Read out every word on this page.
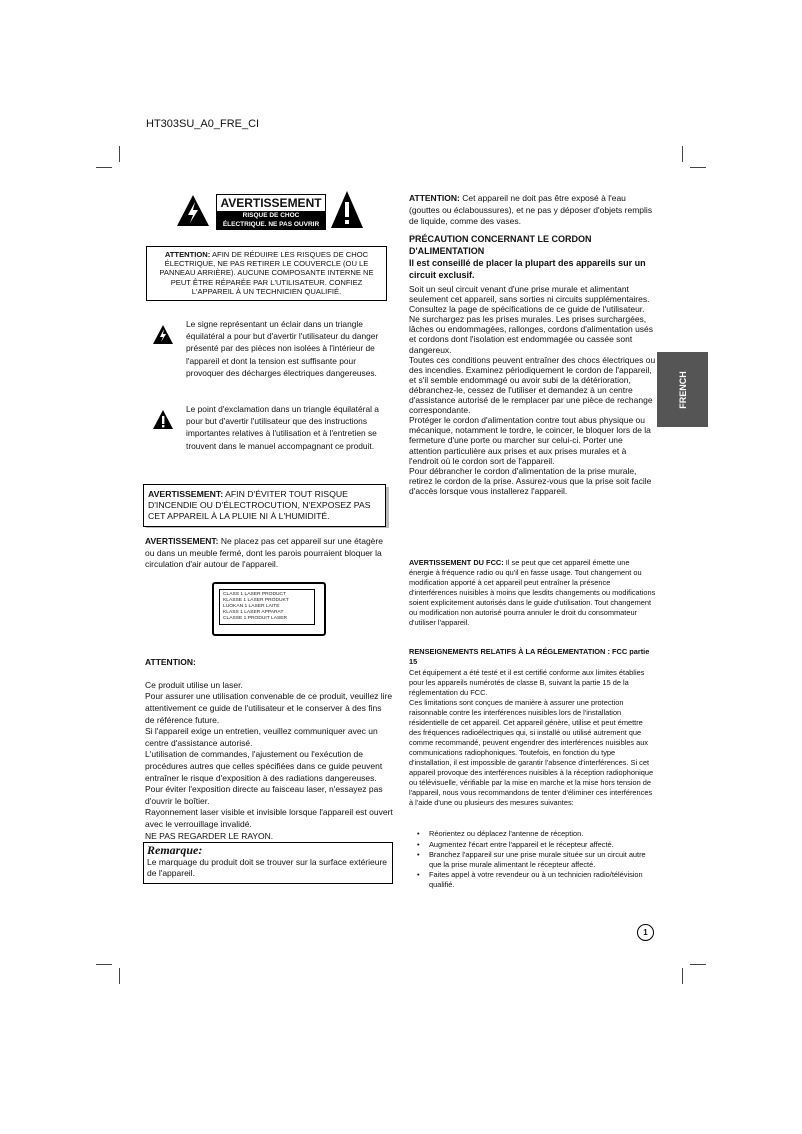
HT303SU_A0_FRE_CI
AVERTISSEMENT
RISQUE DE CHOC
ÉLECTRIQUE. NE PAS OUVRIR
ATTENTION: AFIN DE RÉDUIRE LES RISQUES DE CHOC ÉLECTRIQUE, NE PAS RETIRER LE COUVERCLE (OU LE PANNEAU ARRIÈRE). AUCUNE COMPOSANTE INTERNE NE PEUT ÊTRE RÉPARÉE PAR L'UTILISATEUR. CONFIEZ L'APPAREIL À UN TECHNICIEN QUALIFIÉ.
Le signe représentant un éclair dans un triangle équilatéral a pour but d'avertir l'utilisateur du danger présenté par des pièces non isolées à l'intérieur de l'appareil et dont la tension est suffisante pour provoquer des décharges électriques dangereuses.
Le point d'exclamation dans un triangle équilatéral a pour but d'avertir l'utilisateur que des instructions importantes relatives à l'utilisation et à l'entretien se trouvent dans le manuel accompagnant ce produit.
AVERTISSEMENT: AFIN D'ÉVITER TOUT RISQUE D'INCENDIE OU D'ÉLECTROCUTION, N'EXPOSEZ PAS CET APPAREIL À LA PLUIE NI À L'HUMIDITÉ.
AVERTISSEMENT: Ne placez pas cet appareil sur une étagère ou dans un meuble fermé, dont les parois pourraient bloquer la circulation d'air autour de l'appareil.
CLASS 1 LASER PRODUCT
KLASSE 1 LASER PRODUKT
LUOKAN 1 LASER LAITE
KLASS 1 LASER APPARAT
CLASSE 1 PRODUIT LASER

ATTENTION:

Ce produit utilise un laser.
Pour assurer une utilisation convenable de ce produit, veuillez lire attentivement ce guide de l'utilisateur et le conserver à des fins de référence future.
Si l'appareil exige un entretien, veuillez communiquer avec un centre d'assistance autorisé.
L'utilisation de commandes, l'ajustement ou l'exécution de procédures autres que celles spécifiées dans ce guide peuvent entraîner le risque d'exposition à des radiations dangereuses.
Pour éviter l'exposition directe au faisceau laser, n'essayez pas d'ouvrir le boîtier.
Rayonnement laser visible et invisible lorsque l'appareil est ouvert avec le verrouillage invalidé.
NE PAS REGARDER LE RAYON.

Remarque:
Le marquage du produit doit se trouver sur la surface extérieure de l'appareil.
ATTENTION: Cet appareil ne doit pas être exposé à l'eau (gouttes ou éclaboussures), et ne pas y déposer d'objets remplis de liquide, comme des vases.
PRÉCAUTION CONCERNANT LE CORDON D'ALIMENTATION
Il est conseillé de placer la plupart des appareils sur un circuit exclusif.
Soit un seul circuit venant d'une prise murale et alimentant seulement cet appareil, sans sorties ni circuits supplémentaires. Consultez la page de spécifications de ce guide de l'utilisateur.
Ne surchargez pas les prises murales. Les prises surchargées, lâches ou endommagées, rallonges, cordons d'alimentation usés et cordons dont l'isolation est endommagée ou cassée sont dangereux.
Toutes ces conditions peuvent entraîner des chocs électriques ou des incendies. Examinez périodiquement le cordon de l'appareil, et s'il semble endommagé ou avoir subi de la détérioration, débranchez-le, cessez de l'utiliser et demandez à un centre d'assistance autorisé de le remplacer par une pièce de rechange correspondante.
Protéger le cordon d'alimentation contre tout abus physique ou mécanique, notamment le tordre, le coincer, le bloquer lors de la fermeture d'une porte ou marcher sur celui-ci. Porter une attention particulière aux prises et aux prises murales et à l'endroit où le cordon sort de l'appareil.
Pour débrancher le cordon d'alimentation de la prise murale, retirez le cordon de la prise. Assurez-vous que la prise soit facile d'accès lorsque vous installerez l'appareil.
AVERTISSEMENT DU FCC: Il se peut que cet appareil émette une énergie à fréquence radio ou qu'il en fasse usage. Tout changement ou modification apporté à cet appareil peut entraîner la présence d'interférences nuisibles à moins que lesdits changements ou modifications soient explicitement autorisés dans le guide d'utilisation. Tout changement ou modification non autorisé pourra annuler le droit du consommateur d'utiliser l'appareil.
RENSEIGNEMENTS RELATIFS À LA RÉGLEMENTATION : FCC partie 15
Cet équipement a été testé et il est certifié conforme aux limites établies pour les appareils numérotés de classe B, suivant la partie 15 de la réglementation du FCC.
Ces limitations sont conçues de manière à assurer une protection raisonnable contre les interférences nuisibles lors de l'installation résidentielle de cet appareil. Cet appareil génère, utilise et peut émettre des fréquences radioélectriques qui, si installé ou utilisé autrement que comme recommandé, peuvent engendrer des interférences nuisibles aux communications radiophoniques. Toutefois, en fonction du type d'installation, il est impossible de garantir l'absence d'interférences. Si cet appareil provoque des interférences nuisibles à la réception radiophonique ou télévisuelle, vérifiable par la mise en marche et la mise hors tension de l'appareil, nous vous recommandons de tenter d'éliminer ces interférences à l'aide d'une ou plusieurs des mesures suivantes:
• Réorientez ou déplacez l'antenne de réception.
• Augmentez l'écart entre l'appareil et le récepteur affecté.
• Branchez l'appareil sur une prise murale située sur un circuit autre que la prise murale alimentant le récepteur affecté.
• Faites appel à votre revendeur ou à un technicien radio/télévision qualifié.
FRENCH
1
